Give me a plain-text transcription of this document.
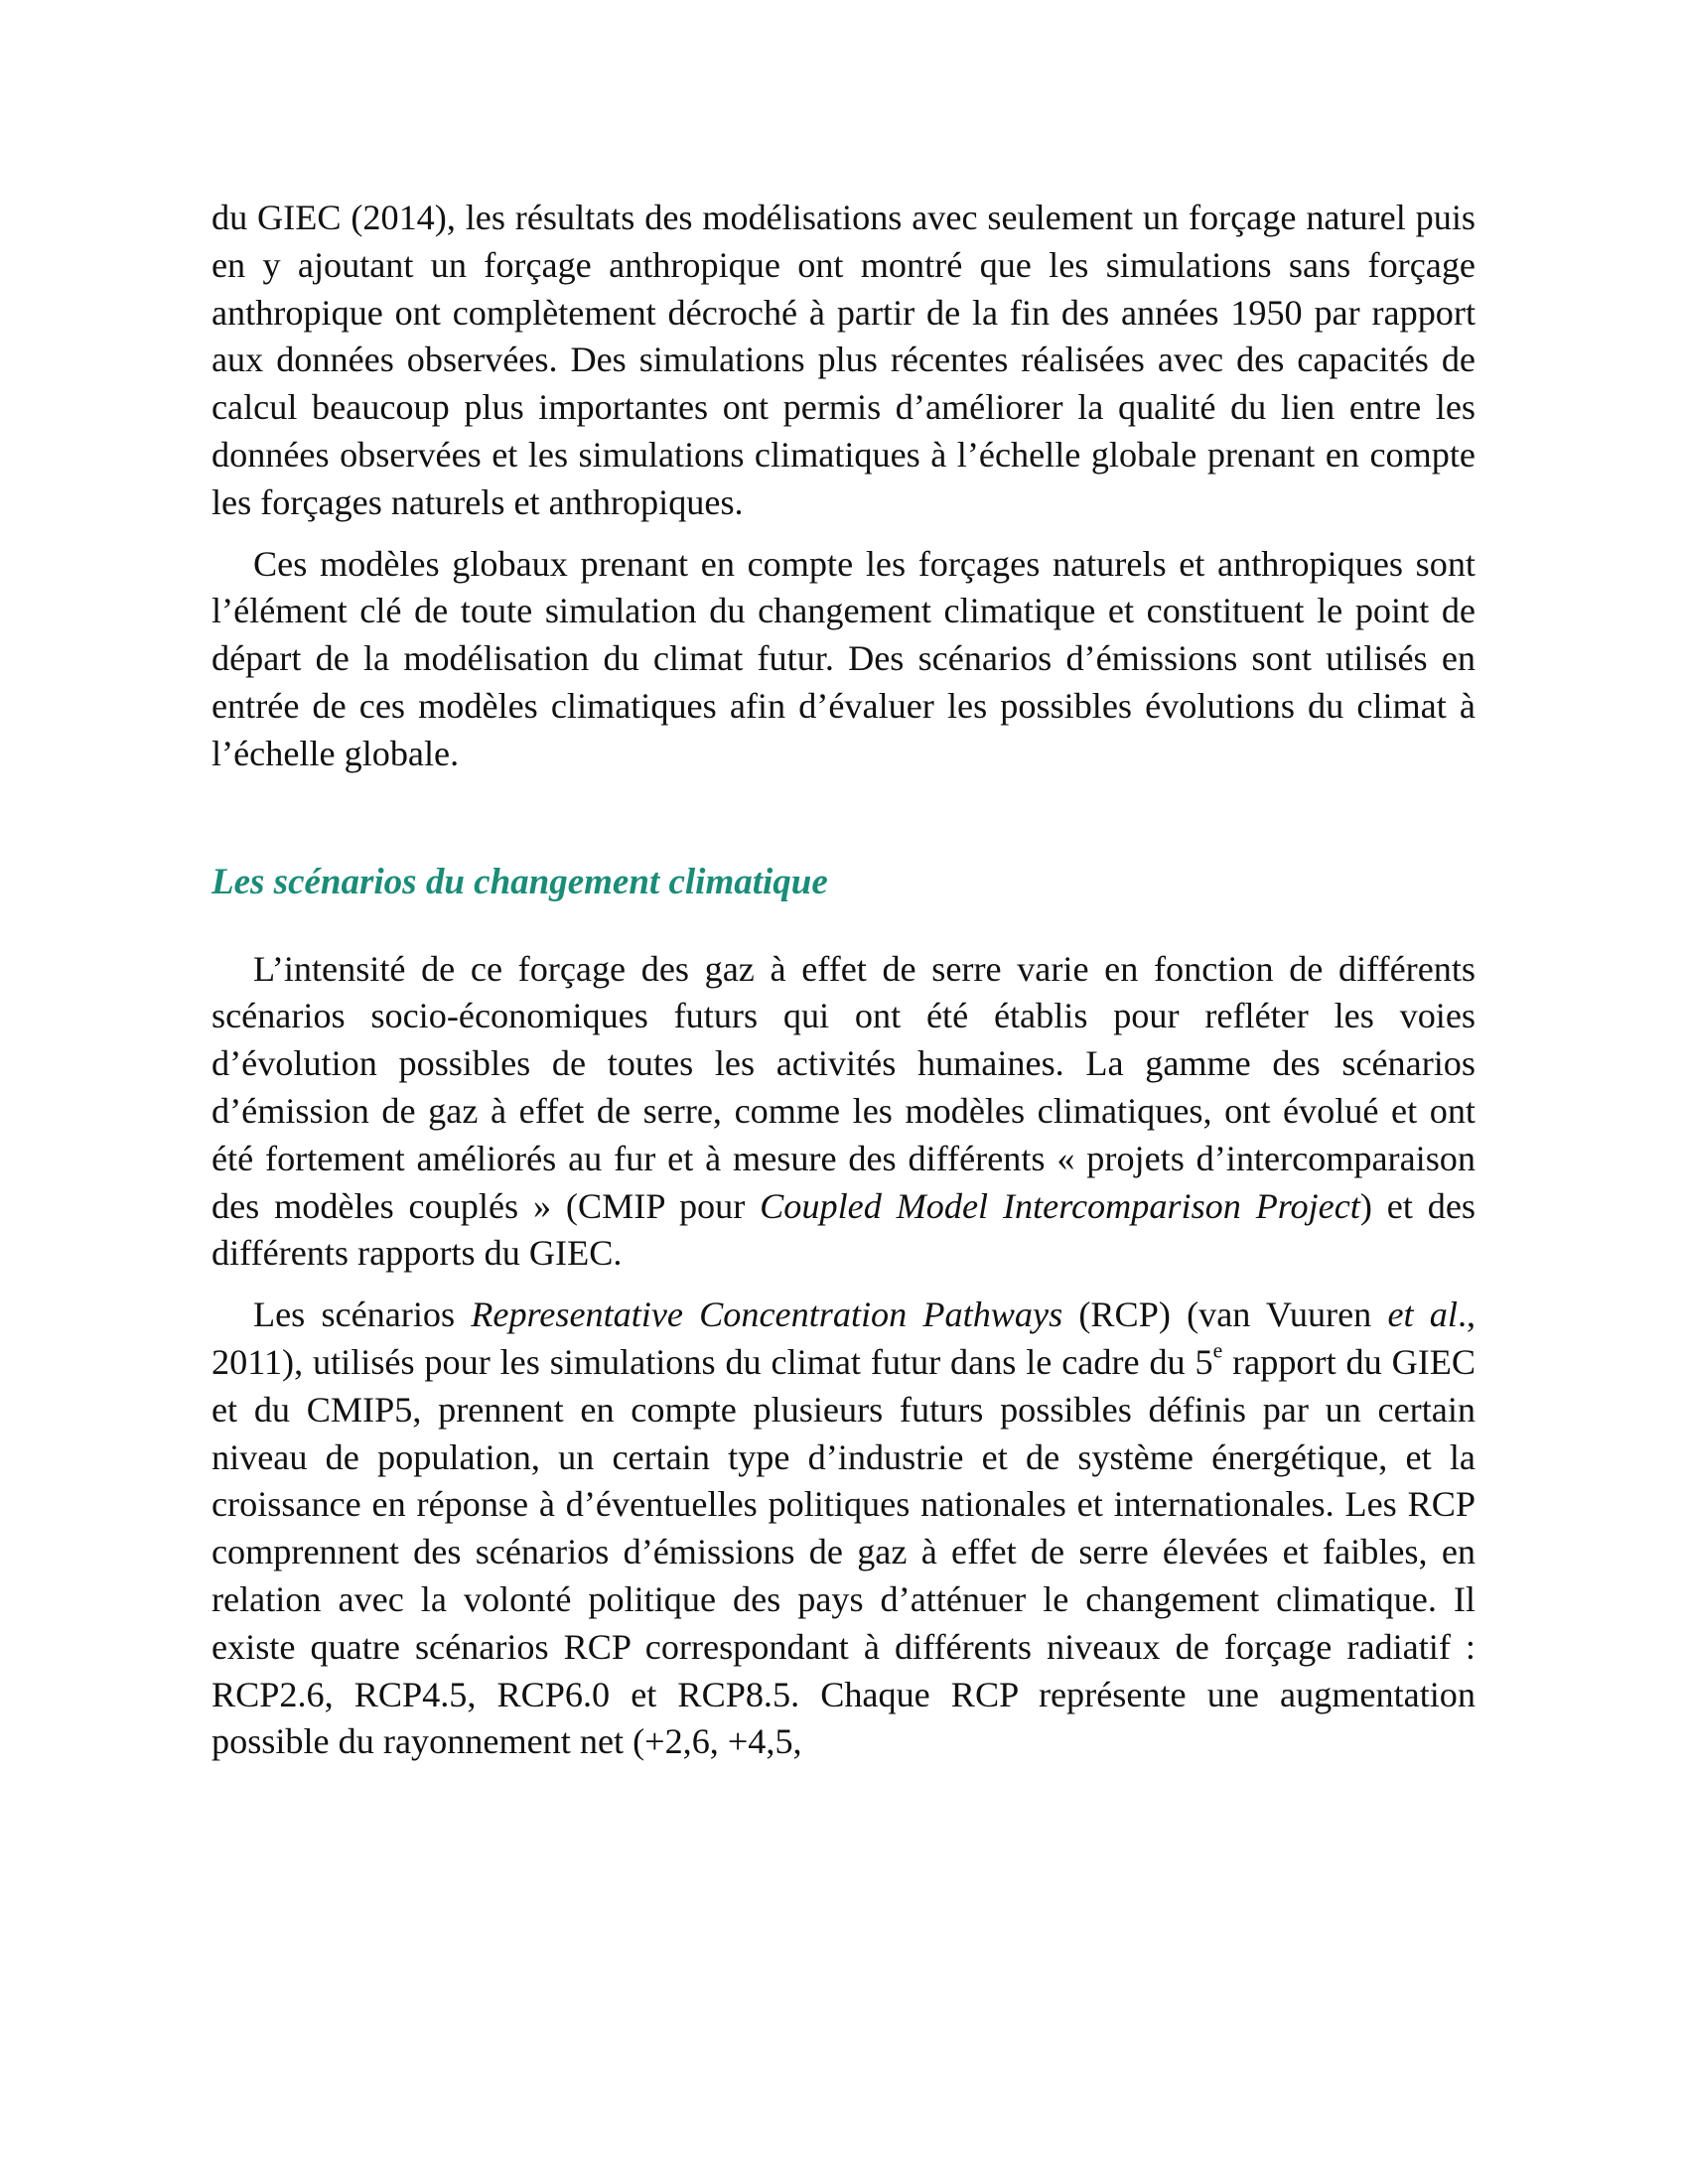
du GIEC (2014), les résultats des modélisations avec seulement un forçage naturel puis en y ajoutant un forçage anthropique ont montré que les simulations sans forçage anthropique ont complètement décroché à partir de la fin des années 1950 par rapport aux données observées. Des simulations plus récentes réalisées avec des capacités de calcul beaucoup plus importantes ont permis d’améliorer la qualité du lien entre les données observées et les simulations climatiques à l’échelle globale prenant en compte les forçages naturels et anthropiques.

Ces modèles globaux prenant en compte les forçages naturels et anthropiques sont l’élément clé de toute simulation du changement climatique et constituent le point de départ de la modélisation du climat futur. Des scénarios d’émissions sont utilisés en entrée de ces modèles climatiques afin d’évaluer les possibles évolutions du climat à l’échelle globale.

Les scénarios du changement climatique

L’intensité de ce forçage des gaz à effet de serre varie en fonction de différents scénarios socio-économiques futurs qui ont été établis pour refléter les voies d’évolution possibles de toutes les activités humaines. La gamme des scénarios d’émission de gaz à effet de serre, comme les modèles climatiques, ont évolué et ont été fortement améliorés au fur et à mesure des différents « projets d’intercomparaison des modèles couplés » (CMIP pour Coupled Model Intercomparison Project) et des différents rapports du GIEC.

Les scénarios Representative Concentration Pathways (RCP) (van Vuuren et al., 2011), utilisés pour les simulations du climat futur dans le cadre du 5e rapport du GIEC et du CMIP5, prennent en compte plusieurs futurs possibles définis par un certain niveau de population, un certain type d’industrie et de système énergétique, et la croissance en réponse à d’éventuelles politiques nationales et internationales. Les RCP comprennent des scénarios d’émissions de gaz à effet de serre élevées et faibles, en relation avec la volonté politique des pays d’atténuer le changement climatique. Il existe quatre scénarios RCP correspondant à différents niveaux de forçage radiatif : RCP2.6, RCP4.5, RCP6.0 et RCP8.5. Chaque RCP représente une augmentation possible du rayonnement net (+2,6, +4,5,
